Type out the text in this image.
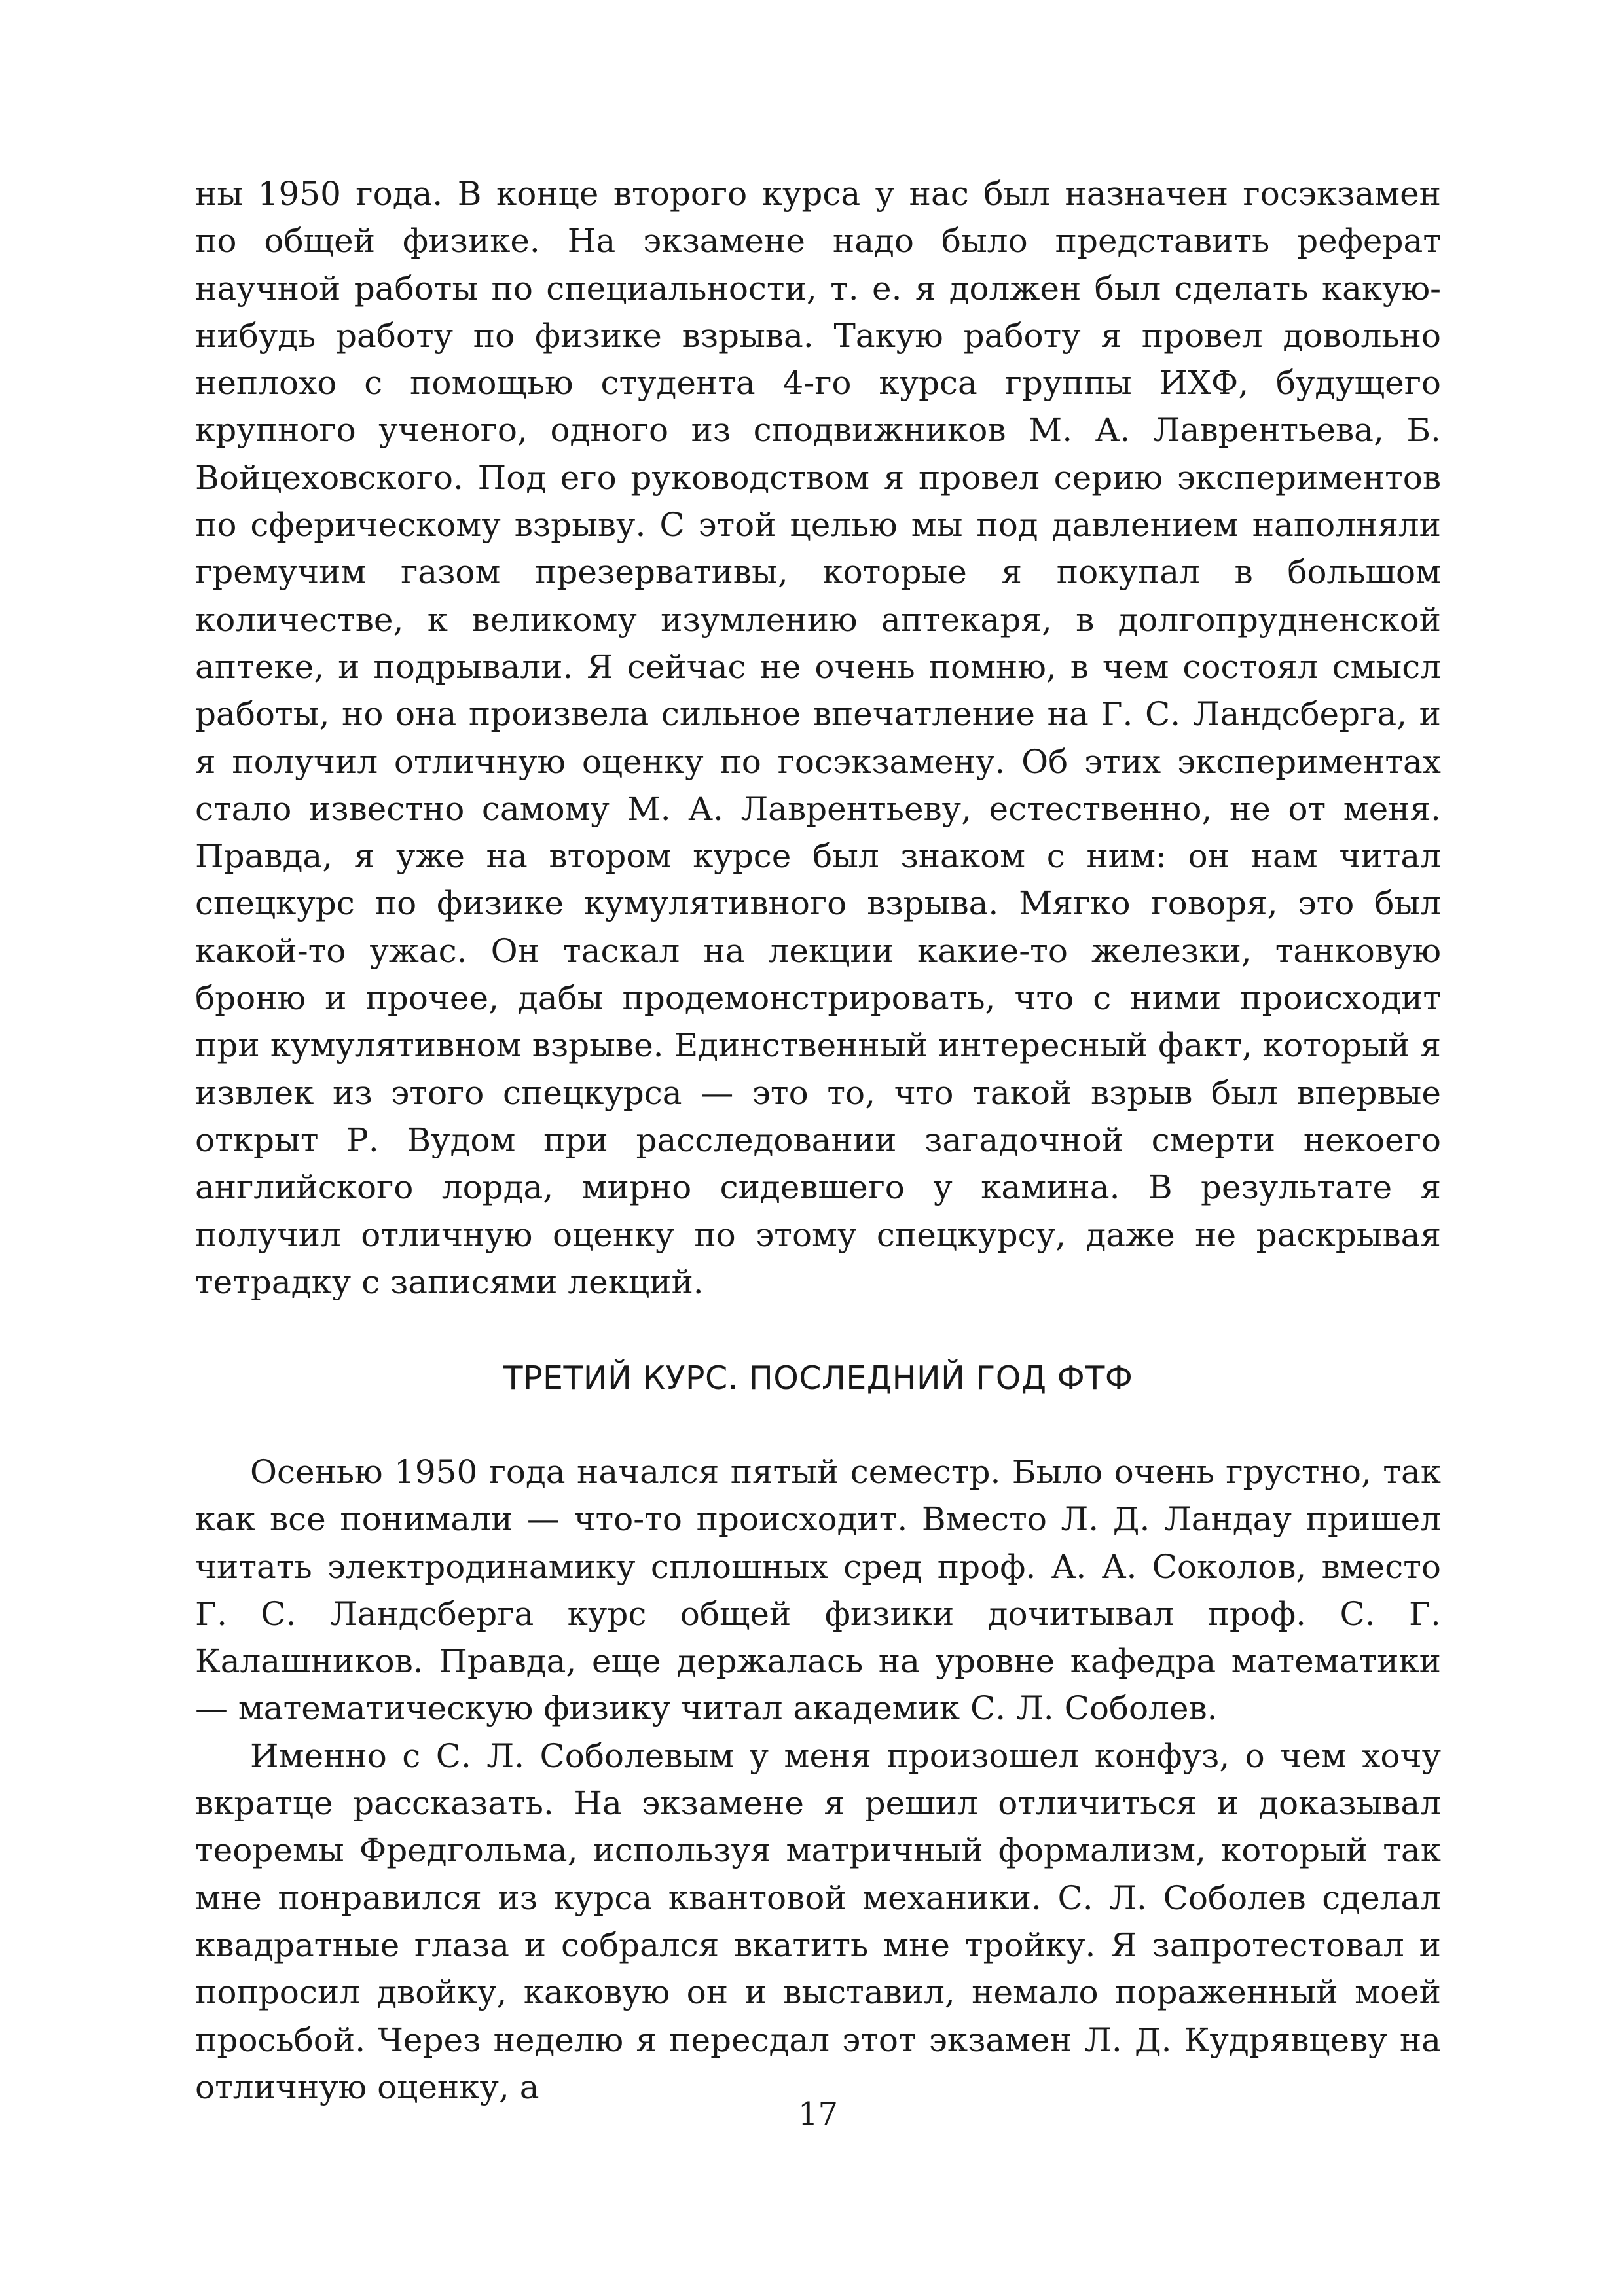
ны 1950 года. В конце второго курса у нас был назначен госэкзамен по общей физике. На экзамене надо было представить реферат научной работы по специальности, т. е. я должен был сделать какую-нибудь работу по физике взрыва. Такую работу я провел довольно неплохо с помощью студента 4-го курса группы ИХФ, будущего крупного ученого, одного из сподвижников М. А. Лаврентьева, Б. Войцеховского. Под его руководством я провел серию экспериментов по сферическому взрыву. С этой целью мы под давлением наполняли гремучим газом презервативы, которые я покупал в большом количестве, к великому изумлению аптекаря, в долгопрудненской аптеке, и подрывали. Я сейчас не очень помню, в чем состоял смысл работы, но она произвела сильное впечатление на Г. С. Ландсберга, и я получил отличную оценку по госэкзамену. Об этих экспериментах стало известно самому М. А. Лаврентьеву, естественно, не от меня. Правда, я уже на втором курсе был знаком с ним: он нам читал спецкурс по физике кумулятивного взрыва. Мягко говоря, это был какой-то ужас. Он таскал на лекции какие-то железки, танковую броню и прочее, дабы продемонстрировать, что с ними происходит при кумулятивном взрыве. Единственный интересный факт, который я извлек из этого спецкурса — это то, что такой взрыв был впервые открыт Р. Вудом при расследовании загадочной смерти некоего английского лорда, мирно сидевшего у камина. В результате я получил отличную оценку по этому спецкурсу, даже не раскрывая тетрадку с записями лекций.

ТРЕТИЙ КУРС. ПОСЛЕДНИЙ ГОД ФТФ

Осенью 1950 года начался пятый семестр. Было очень грустно, так как все понимали — что-то происходит. Вместо Л. Д. Ландау пришел читать электродинамику сплошных сред проф. А. А. Соколов, вместо Г. С. Ландсберга курс общей физики дочитывал проф. С. Г. Калашников. Правда, еще держалась на уровне кафедра математики — математическую физику читал академик С. Л. Соболев.

Именно с С. Л. Соболевым у меня произошел конфуз, о чем хочу вкратце рассказать. На экзамене я решил отличиться и доказывал теоремы Фредгольма, используя матричный формализм, который так мне понравился из курса квантовой механики. С. Л. Соболев сделал квадратные глаза и собрался вкатить мне тройку. Я запротестовал и попросил двойку, каковую он и выставил, немало пораженный моей просьбой. Через неделю я пересдал этот экзамен Л. Д. Кудрявцеву на отличную оценку, а

17
